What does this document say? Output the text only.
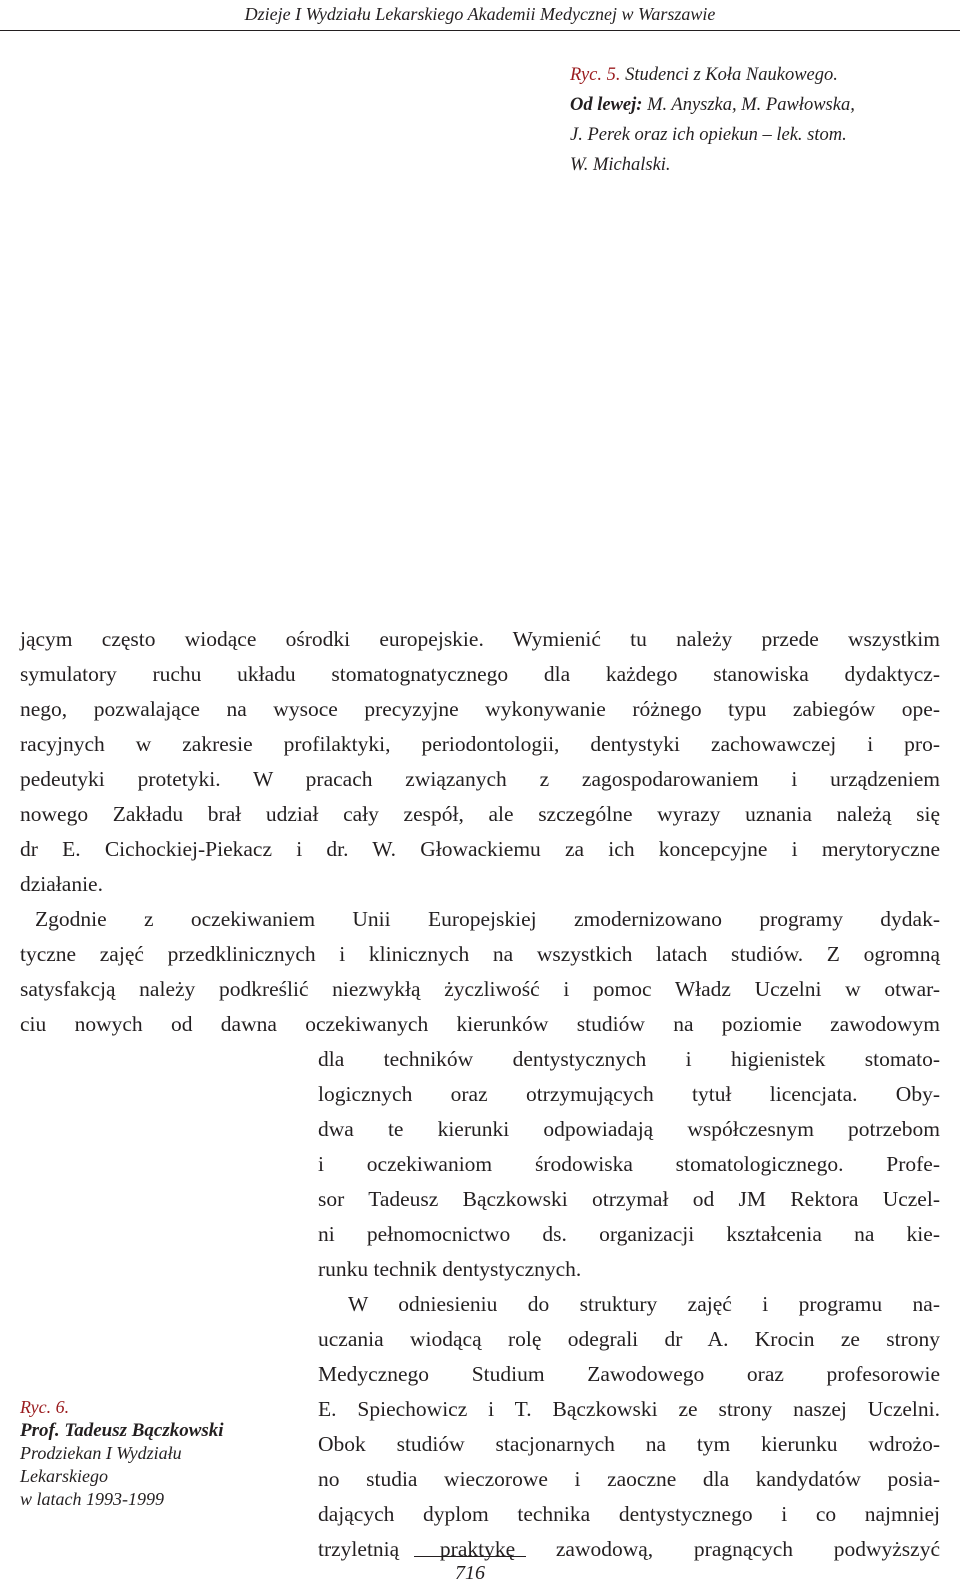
Dzieje I Wydziału Lekarskiego Akademii Medycznej w Warszawie
Ryc. 5. Studenci z Koła Naukowego.
Od lewej: M. Anyszka, M. Pawłowska,
J. Perek oraz ich opiekun – lek. stom.
W. Michalski.

jącym często wiodące ośrodki europejskie. Wymienić tu należy przede wszystkim

symulatory ruchu układu stomatognatycznego dla każdego stanowiska dydaktycz-

nego, pozwalające na wysoce precyzyjne wykonywanie różnego typu zabiegów ope-

racyjnych w zakresie profilaktyki, periodontologii, dentystyki zachowawczej i pro-

pedeutyki protetyki. W pracach związanych z zagospodarowaniem i urządzeniem

nowego Zakładu brał udział cały zespół, ale szczególne wyrazy uznania należą się

dr E. Cichockiej-Piekacz i dr. W. Głowackiemu za ich koncepcyjne i merytoryczne

działanie.

Zgodnie z oczekiwaniem Unii Europejskiej zmodernizowano programy dydak-

tyczne zajęć przedklinicznych i klinicznych na wszystkich latach studiów. Z ogromną

satysfakcją należy podkreślić niezwykłą życzliwość i pomoc Władz Uczelni w otwar-

ciu nowych od dawna oczekiwanych kierunków studiów na poziomie zawodowym

dla techników dentystycznych i higienistek stomato-

logicznych oraz otrzymujących tytuł licencjata. Oby-

dwa te kierunki odpowiadają współczesnym potrzebom

i oczekiwaniom środowiska stomatologicznego. Profe-

sor Tadeusz Bączkowski otrzymał od JM Rektora Uczel-

ni pełnomocnictwo ds. organizacji kształcenia na kie-

runku technik dentystycznych.

W odniesieniu do struktury zajęć i programu na-

uczania wiodącą rolę odegrali dr A. Krocin ze strony

Medycznego Studium Zawodowego oraz profesorowie

E. Spiechowicz i T. Bączkowski ze strony naszej Uczelni.

Obok studiów stacjonarnych na tym kierunku wdrożo-

no studia wieczorowe i zaoczne dla kandydatów posia-

dających dyplom technika dentystycznego i co najmniej

trzyletnią praktykę zawodową, pragnących podwyższyć

Ryc. 6.
Prof. Tadeusz Bączkowski
Prodziekan I Wydziału
Lekarskiego
w latach 1993-1999
716
